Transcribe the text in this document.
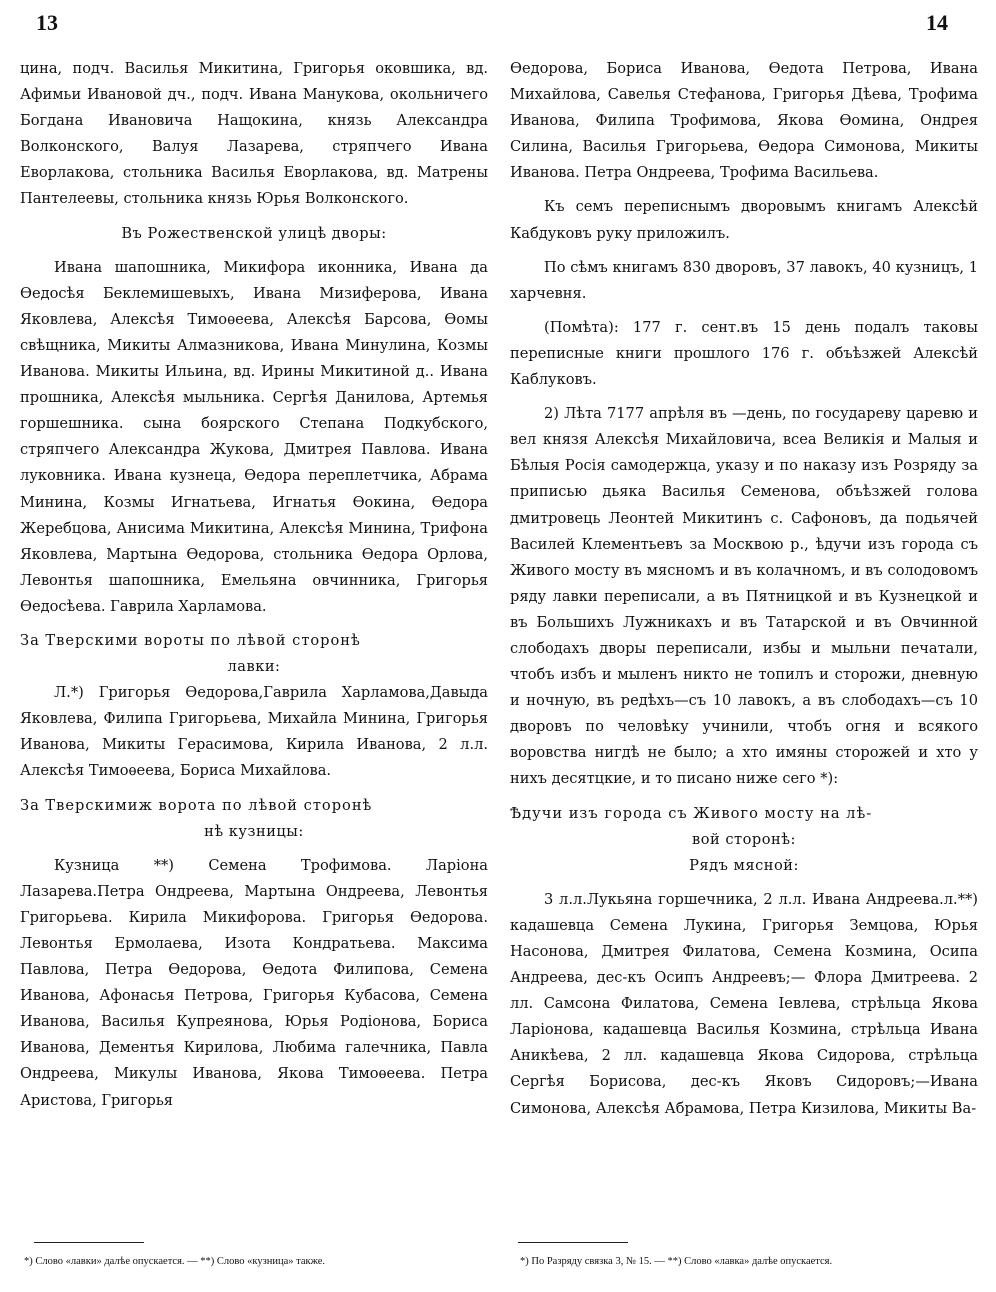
13	14

цина, подч. Василья Микитина, Григорья оковшика, вд. Афимьи Ивановой дч., подч. Ивана Манукова, окольничего Богдана Ивановича Нащокина, князь Александра Волконского, Валуя Лазарева, стряпчего Ивана Еворлакова, стольника Василья Еворлакова, вд. Матрены Пантелеевы, стольника князь Юрья Волконского.

Въ Рожественской улицѣ дворы:

Ивана шапошника, Микифора иконника, Ивана да Өедосѣя Беклемишевыхъ, Ивана Мизиферова, Ивана Яковлева, Алексѣя Тимоѳеева, Алексѣя Барсова, Өомы свѣщника, Микиты Алмазникова, Ивана Минулина, Козмы Иванова. Микиты Ильина, вд. Ирины Микитиной д.. Ивана прошника, Алексѣя мыльника. Сергѣя Данилова, Артемья горшешника. сына боярского Степана Подкубского, стряпчего Александра Жукова, Дмитрея Павлова. Ивана луковника. Ивана кузнеца, Өедора переплетчика, Абрама Минина, Козмы Игнатьева, Игнатья Өокина, Өедора Жеребцова, Анисима Микитина, Алексѣя Минина, Трифона Яковлева, Мартына Өедорова, стольника Өедора Орлова, Левонтья шапошника, Емельяна овчинника, Григорья Өедосѣева. Гаврила Харламова.

За Тверскими вороты по лѣвой сторонѣ

лавки:

Л.*) Григорья Өедорова,Гаврила Харламова,Давыда Яковлева, Филипа Григорьева, Михайла Минина, Григорья Иванова, Микиты Герасимова, Кирила Иванова, 2 л.л. Алексѣя Тимоѳеева, Бориса Михайлова.

За Тверскимиж ворота по лѣвой сторонѣ

нѣ кузницы:

Кузница **) Семена Трофимова. Ларіона Лазарева.Петра Ондреева, Мартына Ондреева, Левонтья Григорьева. Кирила Микифорова. Григорья Өедорова. Левонтья Ермолаева, Изота Кондратьева. Максима Павлова, Петра Өедорова, Өедота Филипова, Семена Иванова, Афонасья Петрова, Григорья Кубасова, Семена Иванова, Василья Купреянова, Юрья Родіонова, Бориса Иванова, Дементья Кирилова, Любима галечника, Павла Ондреева, Микулы Иванова, Якова Тимоѳеева. Петра Аристова, Григорья

Өедорова, Бориса Иванова, Өедота Петрова, Ивана Михайлова, Савелья Стефанова, Григорья Дѣева, Трофима Иванова, Филипа Трофимова, Якова Өомина, Ондрея Силина, Василья Григорьева, Өедора Симонова, Микиты Иванова. Петра Ондреева, Трофима Васильева.

Къ семъ переписнымъ дворовымъ книгамъ Алексѣй Кабдуковъ руку приложилъ.

По сѣмъ книгамъ 830 дворовъ, 37 лавокъ, 40 кузницъ, 1 харчевня.

(Помѣта): 177 г. сент.въ 15 день подалъ таковы переписные книги прошлого 176 г. объѣзжей Алексѣй Каблуковъ.

2) Лѣта 7177 апрѣля въ —день, по государеву царевю и вел князя Алексѣя Михайловича, всеа Великія и Малыя и Бѣлыя Росія самодержца, указу и по наказу изъ Розряду за приписью дьяка Василья Семенова, объѣзжей голова дмитровець Леонтей Микитинъ с. Сафоновъ, да подьячей Василей Клементьевъ за Москвою р., ѣдучи изъ города съ Живого мосту въ мясномъ и въ колачномъ, и въ солодовомъ ряду лавки переписали, а въ Пятницкой и въ Кузнецкой и въ Большихъ Лужникахъ и въ Татарской и въ Овчинной слободахъ дворы переписали, избы и мыльни печатали, чтобъ избъ и мыленъ никто не топилъ и сторожи, дневную и ночную, въ редѣхъ—съ 10 лавокъ, а въ слободахъ—съ 10 дворовъ по человѣку учинили, чтобъ огня и всякого воровства нигдѣ не было; а хто имяны сторожей и хто у нихъ десятцкие, и то писано ниже сего *):

Ѣдучи изъ города съ Живого мосту на лѣ-

вой сторонѣ:

Рядъ мясной:

3 л.л.Лукьяна горшечника, 2 л.л. Ивана Андреева.л.**) кадашевца Семена Лукина, Григорья Земцова, Юрья Насонова, Дмитрея Филатова, Семена Козмина, Осипа Андреева, дес-къ Осипъ Андреевъ;— Флора Дмитреева. 2 лл. Самсона Филатова, Семена Іевлева, стрѣльца Якова Ларіонова, кадашевца Василья Козмина, стрѣльца Ивана Аникѣева, 2 лл. кадашевца Якова Сидорова, стрѣльца Сергѣя Борисова, дес-къ Яковъ Сидоровъ;—Ивана Симонова, Алексѣя Абрамова, Петра Кизилова, Микиты Ва-

*) Слово «лавки» далѣе опускается. — **) Слово «кузница» также.	*) По Разряду связка 3, № 15. — **) Слово «лавка» далѣе опускается.
